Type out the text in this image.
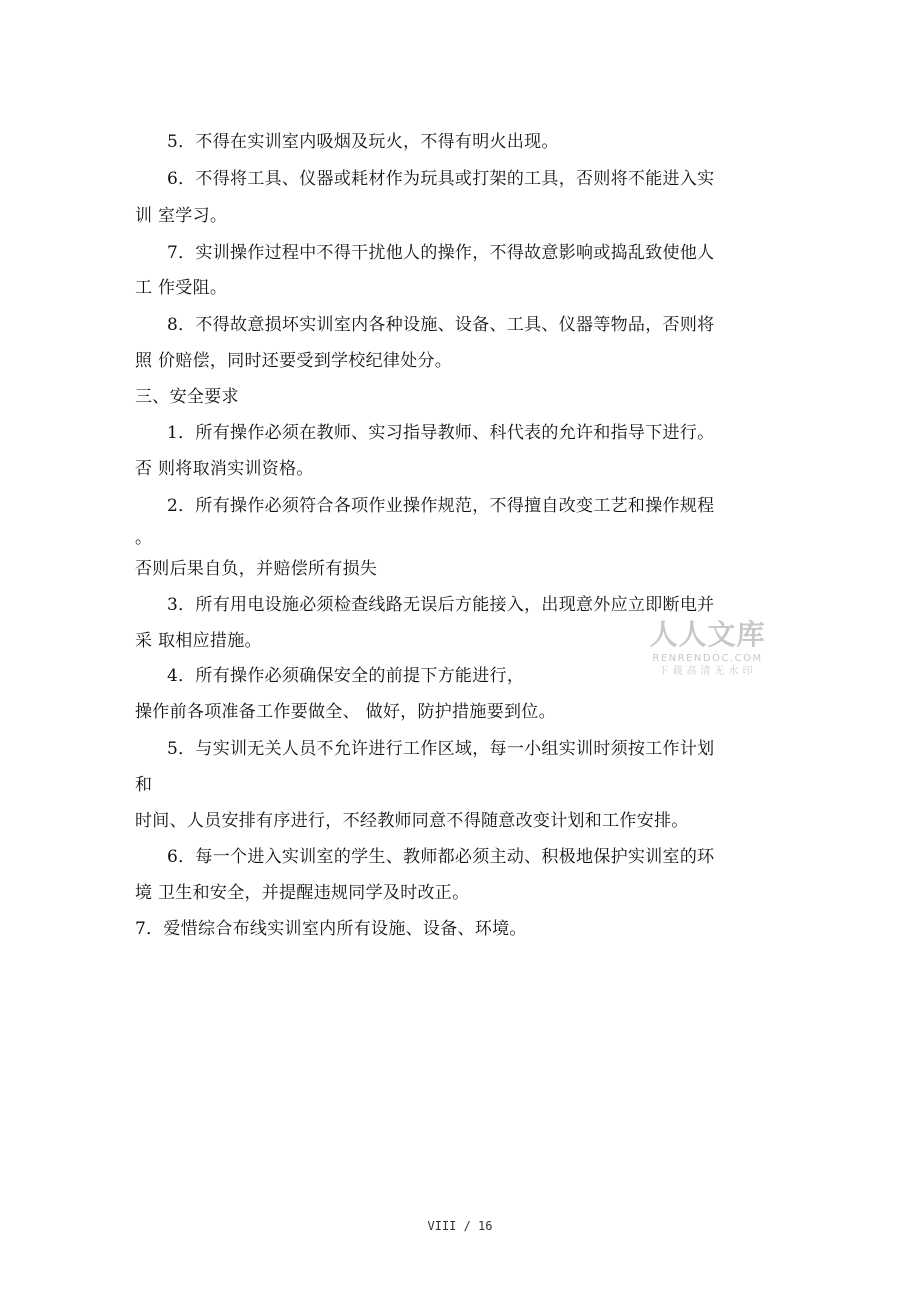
5．不得在实训室内吸烟及玩火，不得有明火出现。
6．不得将工具、仪器或耗材作为玩具或打架的工具，否则将不能进入实
训 室学习。
7．实训操作过程中不得干扰他人的操作，不得故意影响或捣乱致使他人
工 作受阻。
8．不得故意损坏实训室内各种设施、设备、工具、仪器等物品，否则将
照 价赔偿，同时还要受到学校纪律处分。
三、安全要求
1．所有操作必须在教师、实习指导教师、科代表的允许和指导下进行。
否 则将取消实训资格。
2．所有操作必须符合各项作业操作规范，不得擅自改变工艺和操作规程
。
否则后果自负，并赔偿所有损失
3．所有用电设施必须检查线路无误后方能接入，出现意外应立即断电并
采 取相应措施。
4．所有操作必须确保安全的前提下方能进行，
操作前各项准备工作要做全、 做好，防护措施要到位。
5．与实训无关人员不允许进行工作区域，每一小组实训时须按工作计划
和
时间、人员安排有序进行，不经教师同意不得随意改变计划和工作安排。
6．每一个进入实训室的学生、教师都必须主动、积极地保护实训室的环
境 卫生和安全，并提醒违规同学及时改正。
7．爱惜综合布线实训室内所有设施、设备、环境。
人人文库
RENRENDOC.COM
下载高清无水印
VIII / 16
